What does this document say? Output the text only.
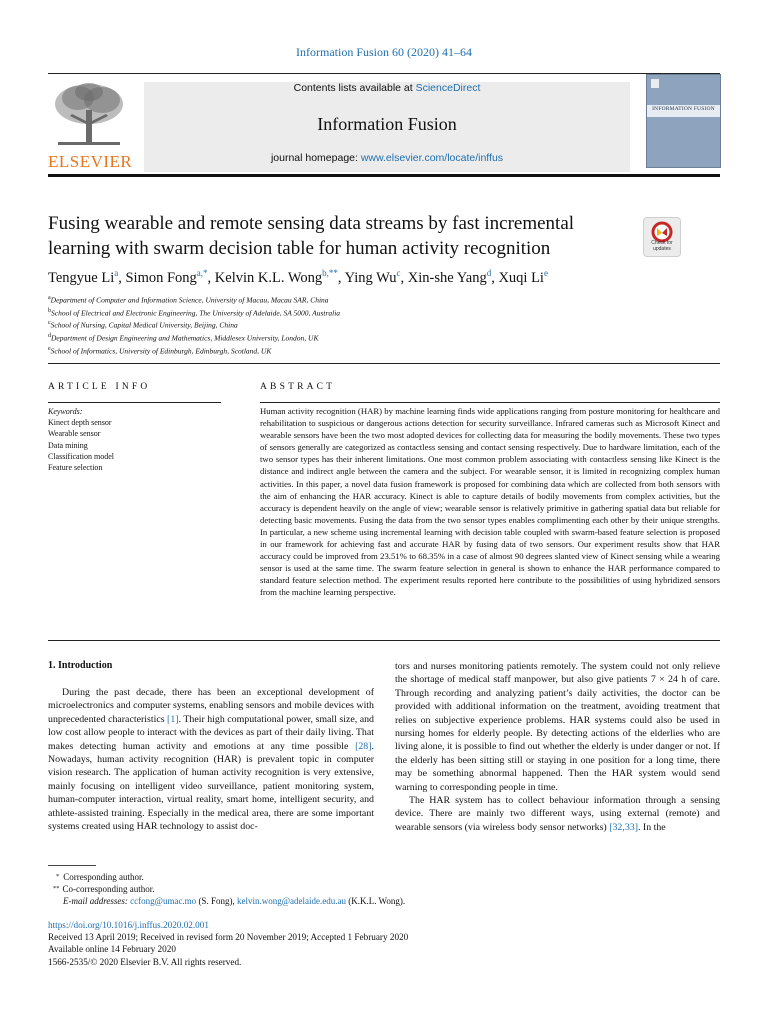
Information Fusion 60 (2020) 41–64
ELSEVIER
Contents lists available at ScienceDirect
Information Fusion
journal homepage: www.elsevier.com/locate/inffus
INFORMATION FUSION
Fusing wearable and remote sensing data streams by fast incremental learning with swarm decision table for human activity recognition	Check for updates
Tengyue Li$^a$, Simon Fong$^{a,*}$, Kelvin K.L. Wong$^{b,**}$, Ying Wu$^c$, Xin-she Yang$^d$, Xuqi Li$^e$
$^a$Department of Computer and Information Science, University of Macau, Macau SAR, China
$^b$School of Electrical and Electronic Engineering, The University of Adelaide, SA 5000, Australia
$^c$School of Nursing, Capital Medical University, Beijing, China
$^d$Department of Design Engineering and Mathematics, Middlesex University, London, UK
$^e$School of Informatics, University of Edinburgh, Edinburgh, Scotland, UK
ARTICLE INFO
Keywords:
Kinect depth sensor
Wearable sensor
Data mining
Classification model
Feature selection
ABSTRACT
Human activity recognition (HAR) by machine learning finds wide applications ranging from posture monitoring for healthcare and rehabilitation to suspicious or dangerous actions detection for security surveillance. Infrared cameras such as Microsoft Kinect and wearable sensors have been the two most adopted devices for collecting data for measuring the bodily movements. These two types of sensors generally are categorized as contactless sensing and contact sensing respectively. Due to hardware limitation, each of the two sensor types has their inherent limitations. One most common problem associating with contactless sensing like Kinect is the distance and indirect angle between the camera and the subject. For wearable sensor, it is limited in recognizing complex human activities. In this paper, a novel data fusion framework is proposed for combining data which are collected from both sensors with the aim of enhancing the HAR accuracy. Kinect is able to capture details of bodily movements from complex activities, but the accuracy is dependent heavily on the angle of view; wearable sensor is relatively primitive in gathering spatial data but reliable for detecting basic movements. Fusing the data from the two sensor types enables complimenting each other by their unique strengths. In particular, a new scheme using incremental learning with decision table coupled with swarm-based feature selection is proposed in our framework for achieving fast and accurate HAR by fusing data of two sensors. Our experiment results show that HAR accuracy could be improved from 23.51% to 68.35% in a case of almost 90 degrees slanted view of Kinect sensing while a wearing sensor is used at the same time. The swarm feature selection in general is shown to enhance the HAR performance compared to standard feature selection method. The experiment results reported here contribute to the possibilities of using hybridized sensors from the machine learning perspective.
1. Introduction

During the past decade, there has been an exceptional development of microelectronics and computer systems, enabling sensors and mobile devices with unprecedented characteristics [1]. Their high computational power, small size, and low cost allow people to interact with the devices as part of their daily living. That makes detecting human activity and emotions at any time possible [28]. Nowadays, human activity recognition (HAR) is prevalent topic in computer vision research. The application of human activity recognition is very extensive, mainly focusing on intelligent video surveillance, patient monitoring system, human-computer interaction, virtual reality, smart home, intelligent security, and athlete-assisted training. Especially in the medical area, there are some important systems created using HAR technology to assist doc-

tors and nurses monitoring patients remotely. The system could not only relieve the shortage of medical staff manpower, but also give patients 7 × 24 h of care. Through recording and analyzing patient’s daily activities, the doctor can be provided with additional information on the treatment, avoiding treatment that relies on subjective experience problems. HAR systems could also be used in nursing homes for elderly people. By detecting actions of the elderlies who are living alone, it is possible to find out whether the elderly is under danger or not. If the elderly has been sitting still or staying in one position for a long time, there may be something abnormal happened. Then the HAR system would send warning to corresponding people in time.

The HAR system has to collect behaviour information through a sensing device. There are mainly two different ways, using external (remote) and wearable sensors (via wireless body sensor networks) [32,33]. In the

* Corresponding author.
** Co-corresponding author.
E-mail addresses: ccfong@umac.mo (S. Fong), kelvin.wong@adelaide.edu.au (K.K.L. Wong).
https://doi.org/10.1016/j.inffus.2020.02.001
Received 13 April 2019; Received in revised form 20 November 2019; Accepted 1 February 2020
Available online 14 February 2020
1566-2535/© 2020 Elsevier B.V. All rights reserved.
